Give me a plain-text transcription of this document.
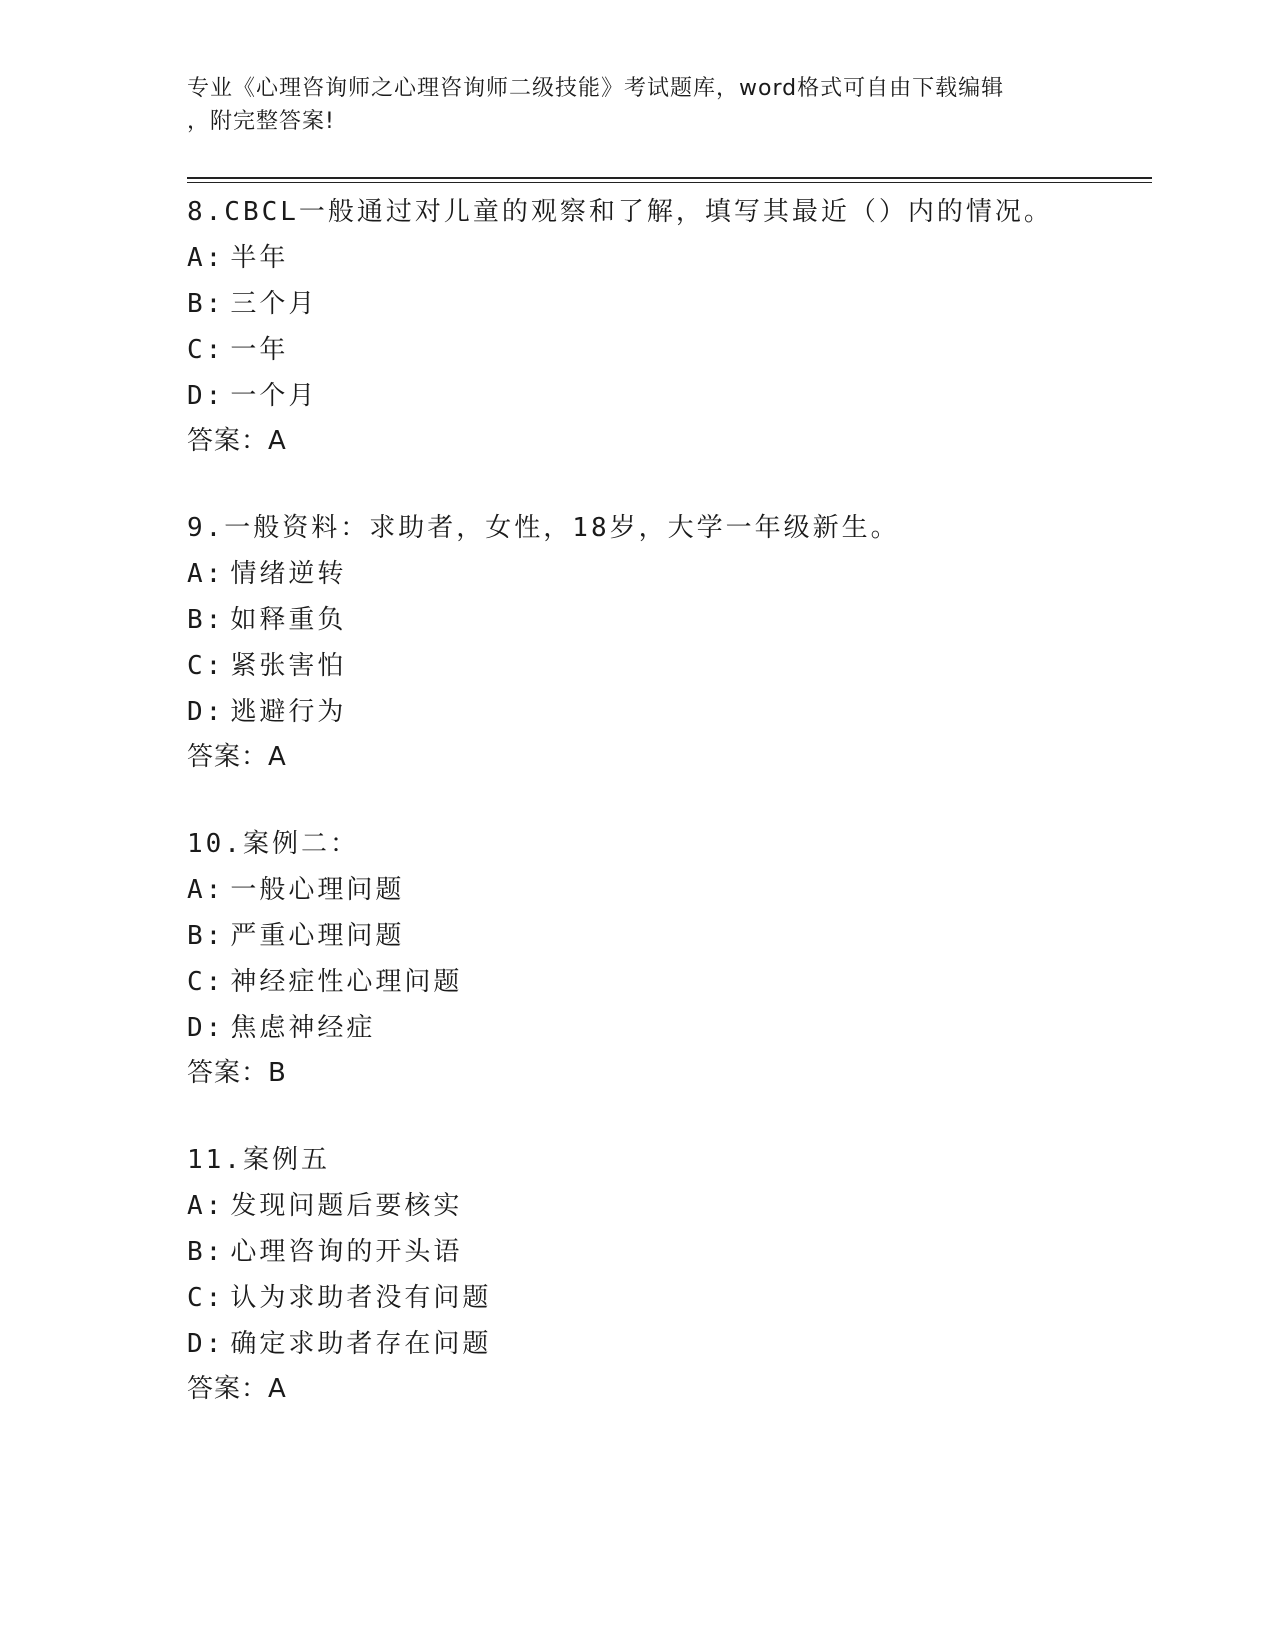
专业《心理咨询师之心理咨询师二级技能》考试题库，word格式可自由下载编辑
，附完整答案!
8.CBCL一般通过对儿童的观察和了解，填写其最近（）内的情况。
A: 半年
B: 三个月
C: 一年
D: 一个月
答案：A
9.一般资料：求助者，女性，18岁，大学一年级新生。
A: 情绪逆转
B: 如释重负
C: 紧张害怕
D: 逃避行为
答案：A
10.案例二：
A: 一般心理问题
B: 严重心理问题
C: 神经症性心理问题
D: 焦虑神经症
答案：B
11.案例五
A: 发现问题后要核实
B: 心理咨询的开头语
C: 认为求助者没有问题
D: 确定求助者存在问题
答案：A
